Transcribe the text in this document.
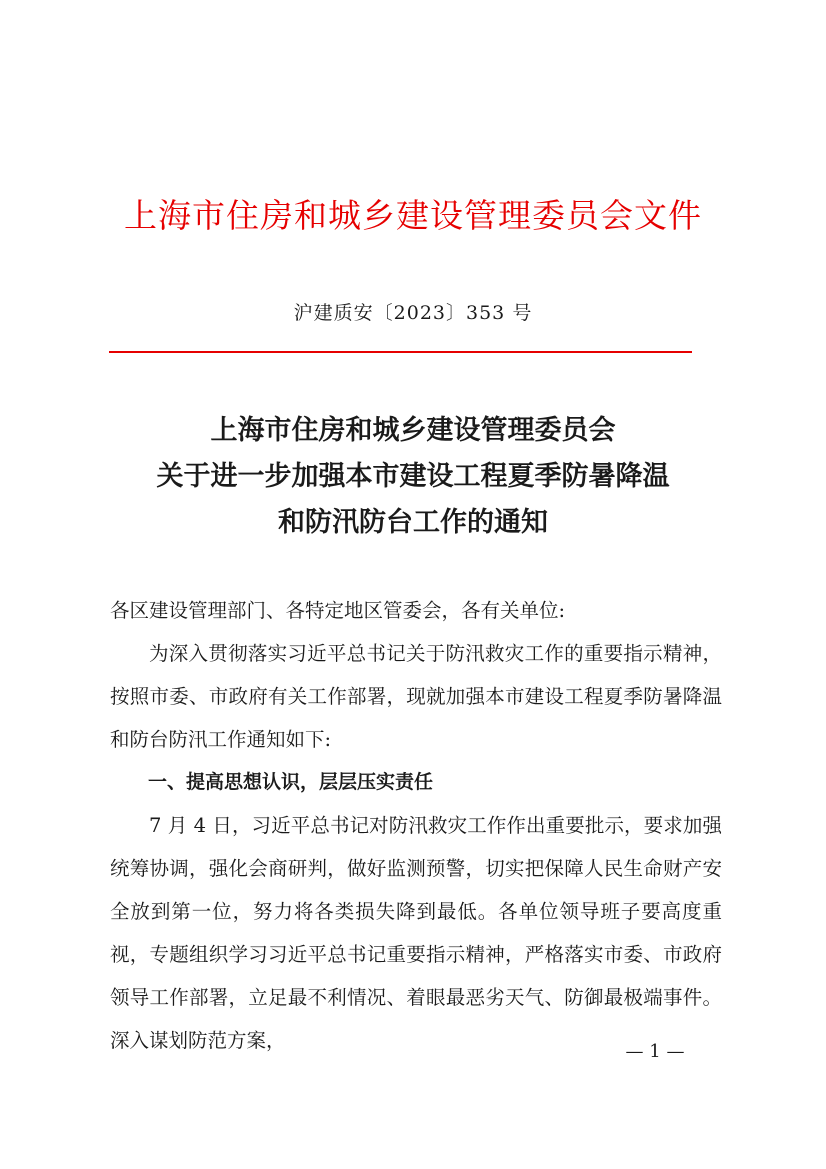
上海市住房和城乡建设管理委员会文件
沪建质安〔2023〕353 号
上海市住房和城乡建设管理委员会
关于进一步加强本市建设工程夏季防暑降温
和防汛防台工作的通知

各区建设管理部门、各特定地区管委会，各有关单位:

为深入贯彻落实习近平总书记关于防汛救灾工作的重要指示精神，按照市委、市政府有关工作部署，现就加强本市建设工程夏季防暑降温和防台防汛工作通知如下:

一、提高思想认识，层层压实责任

7 月 4 日，习近平总书记对防汛救灾工作作出重要批示，要求加强统筹协调，强化会商研判，做好监测预警，切实把保障人民生命财产安全放到第一位，努力将各类损失降到最低。各单位领导班子要高度重视，专题组织学习习近平总书记重要指示精神，严格落实市委、市政府领导工作部署，立足最不利情况、着眼最恶劣天气、防御最极端事件。深入谋划防范方案，	— 1 —
